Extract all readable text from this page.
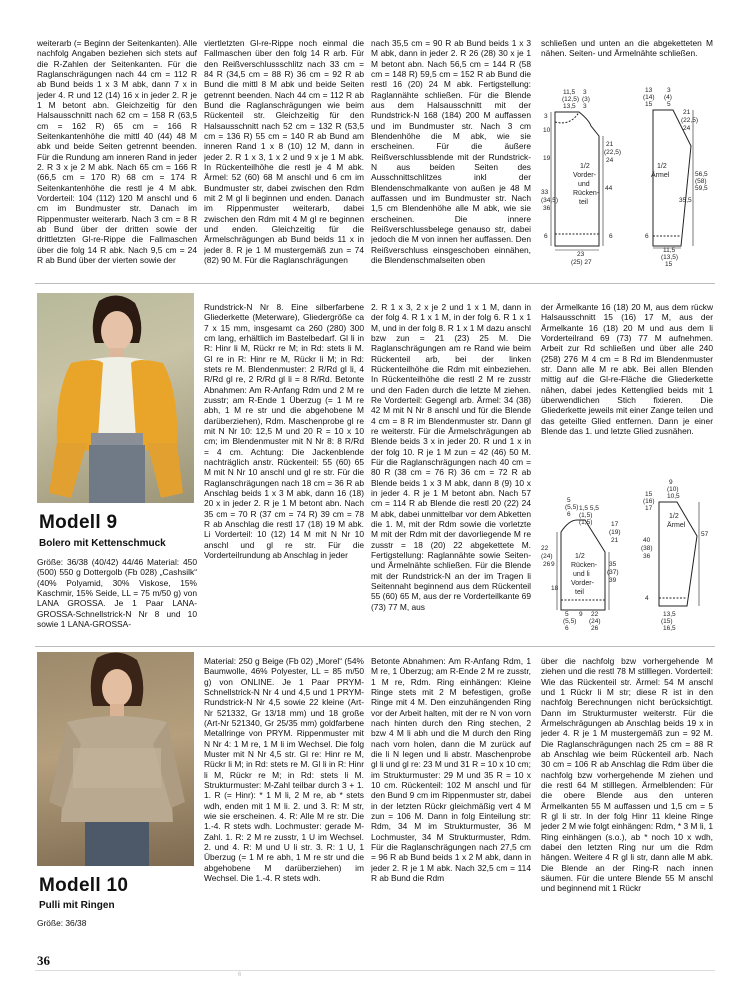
weiterarb (= Beginn der Seitenkanten). Alle nachfolg Angaben beziehen sich stets auf die R-Zahlen der Seitenkanten. Für die Raglanschrägungen nach 44 cm = 112 R ab Bund beids 1 x 3 M abk, dann 7 x in jeder 4. R und 12 (14) 16 x in jeder 2. R je 1 M betont abn. Gleichzeitig für den Halsausschnitt nach 62 cm = 158 R (63,5 cm = 162 R) 65 cm = 166 R Seitenkantenhöhe die mittl 40 (44) 48 M abk und beide Seiten getrennt beenden. Für die Rundung am inneren Rand in jeder 2. R 3 x je 2 M abk. Nach 65 cm = 166 R (66,5 cm = 170 R) 68 cm = 174 R Seitenkantenhöhe die restl je 4 M abk. Vorderteil: 104 (112) 120 M anschl und 6 cm im Bundmuster str. Danach im Rippenmuster weiterarb. Nach 3 cm = 8 R ab Bund über der dritten sowie der drittletzten Gl-re-Rippe die Fallmaschen über die folg 14 R abk. Nach 9,5 cm = 24 R ab Bund über der vierten sowie der

viertletzten Gl-re-Rippe noch einmal die Fallmaschen über den folg 14 R arb. Für den Reißverschlussschlitz nach 33 cm = 84 R (34,5 cm = 88 R) 36 cm = 92 R ab Bund die mittl 8 M abk und beide Seiten getrennt beenden. Nach 44 cm = 112 R ab Bund die Raglanschrägungen wie beim Rückenteil str. Gleichzeitig für den Halsausschnitt nach 52 cm = 132 R (53,5 cm = 136 R) 55 cm = 140 R ab Bund am inneren Rand 1 x 8 (10) 12 M, dann in jeder 2. R 1 x 3, 1 x 2 und 9 x je 1 M abk. In Rückenteilhöhe die restl je 4 M abk. Ärmel: 52 (60) 68 M anschl und 6 cm im Bundmuster str, dabei zwischen den Rdm mit 2 M gl li beginnen und enden. Danach im Rippenmuster weiterarb, dabei zwischen den Rdm mit 4 M gl re beginnen und enden. Gleichzeitig für die Ärmelschrägungen ab Bund beids 11 x in jeder 8. R je 1 M mustergemäß zun = 74 (82) 90 M. Für die Raglanschrägungen

nach 35,5 cm = 90 R ab Bund beids 1 x 3 M abk, dann in jeder 2. R 26 (28) 30 x je 1 M betont abn. Nach 56,5 cm = 144 R (58 cm = 148 R) 59,5 cm = 152 R ab Bund die restl 16 (20) 24 M abk. Fertigstellung: Raglannähte schließen. Für die Blende aus dem Halsausschnitt mit der Rundstrick-N 168 (184) 200 M auffassen und im Bundmuster str. Nach 3 cm Blendenhöhe die M abk, wie sie erscheinen. Für die äußere Reißverschlussblende mit der Rundstrick-N aus beiden Seiten des Ausschnittschlitzes inkl der Blendenschmalkante von außen je 48 M auffassen und im Bundmuster str. Nach 1,5 cm Blendenhöhe alle M abk, wie sie erscheinen. Die innere Reißverschlussbelege genauso str, dabei jedoch die M von innen her auffassen. Den Reißverschluss einsgeschoben einnähen, die Blendenschmalseiten oben

schließen und unten an die abgeketteten M nähen. Seiten- und Ärmelnähte schließen.

11,5
(12,5)
13,5
3
(3)
3
3
10
19
33
(34,5)
36
6
21
(22,5)
24
44
6
23
(25) 27
1/2
Vorder-
und
Rücken-
teil
3
(4)
5
13
(14)
15
21
(22,5)
24
56,5
(58)
59,5
35,5
6
11,5
(13,5)
15
1/2
Ärmel
Modell 9
Bolero mit Kettenschmuck

Größe: 36/38 (40/42) 44/46 Material: 450 (500) 550 g Dottergolb (Fb 028) „Cashsilk“ (40% Polyamid, 30% Viskose, 15% Kaschmir, 15% Seide, LL = 75 m/50 g) von LANA GROSSA. Je 1 Paar LANA-GROSSA-Schnellstrick-N Nr 8 und 10 sowie 1 LANA-GROSSA-

Rundstrick-N Nr 8. Eine silberfarbene Gliederkette (Meterware), Gliedergröße ca 7 x 15 mm, insgesamt ca 260 (280) 300 cm lang, erhältlich im Bastelbedarf. Gl li in R: Hinr li M, Rückr re M; in Rd: stets li M. Gl re in R: Hinr re M, Rückr li M; in Rd: stets re M. Blendenmuster: 2 R/Rd gl li, 4 R/Rd gl re, 2 R/Rd gl li = 8 R/Rd. Betonte Abnahmen: Am R-Anfang Rdm und 2 M re zusstr; am R-Ende 1 Überzug (= 1 M re abh, 1 M re str und die abgehobene M darüberziehen), Rdm. Maschenprobe gl re mit N Nr 10: 12,5 M und 20 R = 10 x 10 cm; im Blendenmuster mit N Nr 8: 8 R/Rd = 4 cm. Achtung: Die Jackenblende nachträglich anstr. Rückenteil: 55 (60) 65 M mit N Nr 10 anschl und gl re str. Für die Raglanschrägungen nach 18 cm = 36 R ab Anschlag beids 1 x 3 M abk, dann 16 (18) 20 x in jeder 2. R je 1 M betont abn. Nach 35 cm = 70 R (37 cm = 74 R) 39 cm = 78 R ab Anschlag die restl 17 (18) 19 M abk. Li Vorderteil: 10 (12) 14 M mit N Nr 10 anschl und gl re str. Für die Vorderteilrundung ab Anschlag in jeder

2. R 1 x 3, 2 x je 2 und 1 x 1 M, dann in der folg 4. R 1 x 1 M, in der folg 6. R 1 x 1 M, und in der folg 8. R 1 x 1 M dazu anschl bzw zun = 21 (23) 25 M. Die Raglanschrägungen am re Rand wie beim Rückenteil arb, bei der linken Rückenteilhöhe die Rdm mit einbeziehen. In Rückenteilhöhe die restl 2 M re zusstr und den Faden durch die letzte M ziehen. Re Vorderteil: Gegengl arb. Ärmel: 34 (38) 42 M mit N Nr 8 anschl und für die Blende 4 cm = 8 R im Blendenmuster str. Dann gl re weiterstr. Für die Ärmelschrägungen ab Blende beids 3 x in jeder 20. R und 1 x in der folg 10. R je 1 M zun = 42 (46) 50 M. Für die Raglanschrägungen nach 40 cm = 80 R (38 cm = 76 R) 36 cm = 72 R ab Blende beids 1 x 3 M abk, dann 8 (9) 10 x in jeder 4. R je 1 M betont abn. Nach 57 cm = 114 R ab Blende die restl 20 (22) 24 M abk, dabei unmittelbar vor dem Abketten die 1. M, mit der Rdm sowie die vorletzte M mit der Rdm mit der davorliegende M re zusstr = 18 (20) 22 abgekettete M. Fertigstellung: Raglannähte sowie Seiten- und Ärmelnähte schließen. Für die Blende mit der Rundstrick-N an der im Tragen li Seitennaht beginnend aus dem Rückenteil 55 (60) 65 M, aus der re Vorderteilkante 69 (73) 77 M, aus

der Ärmelkante 16 (18) 20 M, aus dem rückw Halsausschnitt 15 (16) 17 M, aus der Ärmelkante 16 (18) 20 M und aus dem li Vorderteilrand 69 (73) 77 M aufnehmen. Arbeit zur Rd schließen und über alle 240 (258) 276 M 4 cm = 8 Rd im Blendenmuster str. Dann alle M re abk. Bei allen Blenden mittig auf die Gl-re-Fläche die Gliederkette nähen, dabei jedes Kettenglied beids mit 1 überwendlichen Stich fixieren. Die Gliederkette jeweils mit einer Zange teilen und das geteilte Glied entfernen. Dann je einer Blende das 1. und letzte Glied zusnähen.

5
(5,5)
6
1,5 5,5
(1,5)
(1,5)
22
(24)
26 9
18
17
(19)
21
35
(37)
39
5
(5,5)
6
9 22
(24)
26
1/2
Rücken-
und li
Vorder-
teil
15
(16)
17
9
(10)
10,5
40
(38)
36
57
4
13,5
(15)
16,5
1/2
Ärmel
Modell 10
Pulli mit Ringen

Größe: 36/38

Material: 250 g Beige (Fb 02) „Morel“ (54% Baumwolle, 46% Polyester, LL = 85 m/50 g) von ONLINE. Je 1 Paar PRYM-Schnellstrick-N Nr 4 und 4,5 und 1 PRYM-Rundstrick-N Nr 4,5 sowie 22 kleine (Art-Nr 521332, Gr 13/18 mm) und 18 große (Art-Nr 521340, Gr 25/35 mm) goldfarbene Metallringe von PRYM. Rippenmuster mit N Nr 4: 1 M re, 1 M li im Wechsel. Die folg Muster mit N Nr 4,5 str. Gl re: Hinr re M, Rückr li M; in Rd: stets re M. Gl li in R: Hinr li M, Rückr re M; in Rd: stets li M. Strukturmuster: M-Zahl teilbar durch 3 + 1. 1. R (= Hinr): * 1 M li, 2 M re, ab * stets wdh, enden mit 1 M li. 2. und 3. R: M str, wie sie erscheinen. 4. R: Alle M re str. Die 1.-4. R stets wdh. Lochmuster: gerade M-Zahl. 1. R: 2 M re zusstr, 1 U im Wechsel. 2. und 4. R: M und U li str. 3. R: 1 U, 1 Überzug (= 1 M re abh, 1 M re str und die abgehobene M darüberziehen) im Wechsel. Die 1.-4. R stets wdh.

Betonte Abnahmen: Am R-Anfang Rdm, 1 M re, 1 Überzug; am R-Ende 2 M re zusstr, 1 M re, Rdm. Ring einhängen: Kleine Ringe stets mit 2 M befestigen, große Ringe mit 4 M. Den einzuhängenden Ring vor der Arbeit halten, mit der re N von vorn nach hinten durch den Ring stechen, 2 bzw 4 M li abh und die M durch den Ring nach vorn holen, dann die M zurück auf die li N legen und li abstr. Maschenprobe gl li und gl re: 23 M und 31 R = 10 x 10 cm; im Strukturmuster: 29 M und 35 R = 10 x 10 cm. Rückenteil: 102 M anschl und für den Bund 9 cm im Rippenmuster str, dabei in der letzten Rückr gleichmäßig vert 4 M zun = 106 M. Dann in folg Einteilung str: Rdm, 34 M im Strukturmuster, 36 M Lochmuster, 34 M Strukturmuster, Rdm. Für die Raglanschrägungen nach 27,5 cm = 96 R ab Bund beids 1 x 2 M abk, dann in jeder 2. R je 1 M abk. Nach 32,5 cm = 114 R ab Bund die Rdm

über die nachfolg bzw vorhergehende M ziehen und die restl 78 M stilllegen. Vorderteil: Wie das Rückenteil str. Ärmel: 54 M anschl und 1 Rückr li M str; diese R ist in den nachfolg Berechnungen nicht berücksichtigt. Dann im Strukturmuster weiterstr. Für die Ärmelschrägungen ab Anschlag beids 19 x in jeder 4. R je 1 M mustergemäß zun = 92 M. Die Raglanschrägungen nach 25 cm = 88 R ab Anschlag wie beim Rückenteil arb. Nach 30 cm = 106 R ab Anschlag die Rdm über die nachfolg bzw vorhergehende M ziehen und die restl 64 M stilllegen. Ärmelblenden: Für die obere Blende aus den unteren Ärmelkanten 55 M auffassen und 1,5 cm = 5 R gl li str. In der folg Hinr 11 kleine Ringe jeder 2 M wie folgt einhängen: Rdm, * 3 M li, 1 Ring einhängen (s.o.), ab * noch 10 x wdh, dabei den letzten Ring nur um die Rdm hängen. Weitere 4 R gl li str, dann alle M abk. Die Blende an der Ring-R nach innen säumen. Für die untere Blende 55 M anschl und beginnend mit 1 Rückr

36
6
